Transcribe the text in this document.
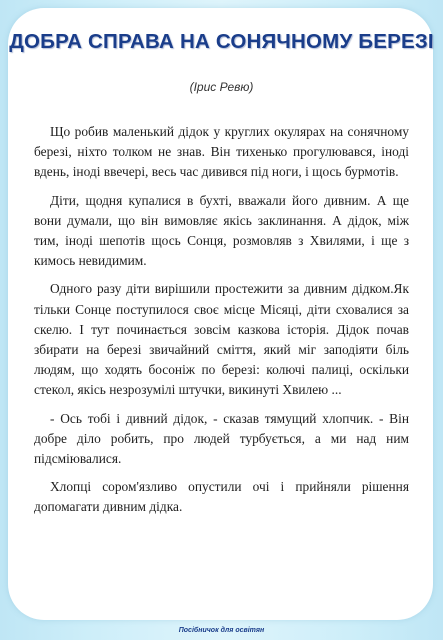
ДОБРА СПРАВА НА СОНЯЧНОМУ БЕРЕЗІ
(Ірис Ревю)

Що робив маленький дідок у круглих окулярах на сонячному березі, ніхто толком не знав. Він тихенько прогулювався, іноді вдень, іноді ввечері, весь час дивився під ноги, і щось бурмотів.

Діти, щодня купалися в бухті, вважали його дивним. А ще вони думали, що він вимовляє якісь заклинання. А дідок, між тим, іноді шепотів щось Сонця, розмовляв з Хвилями, і ще з кимось невидимим.

Одного разу діти вирішили простежити за дивним дідком.Як тільки Сонце поступилося своє місце Місяці, діти сховалися за скелю. І тут починається зовсім казкова історія. Дідок почав збирати на березі звичайний сміття, який міг заподіяти біль людям, що ходять босоніж по березі: колючі палиці, оскільки стекол, якісь незрозумілі штучки, викинуті Хвилею ...

- Ось тобі і дивний дідок, - сказав тямущий хлопчик. - Він добре діло робить, про людей турбується, а ми над ним підсміювалися.

Хлопці сором'язливо опустили очі і прийняли рішення допомагати дивним дідка.

Посібничок для освітян
